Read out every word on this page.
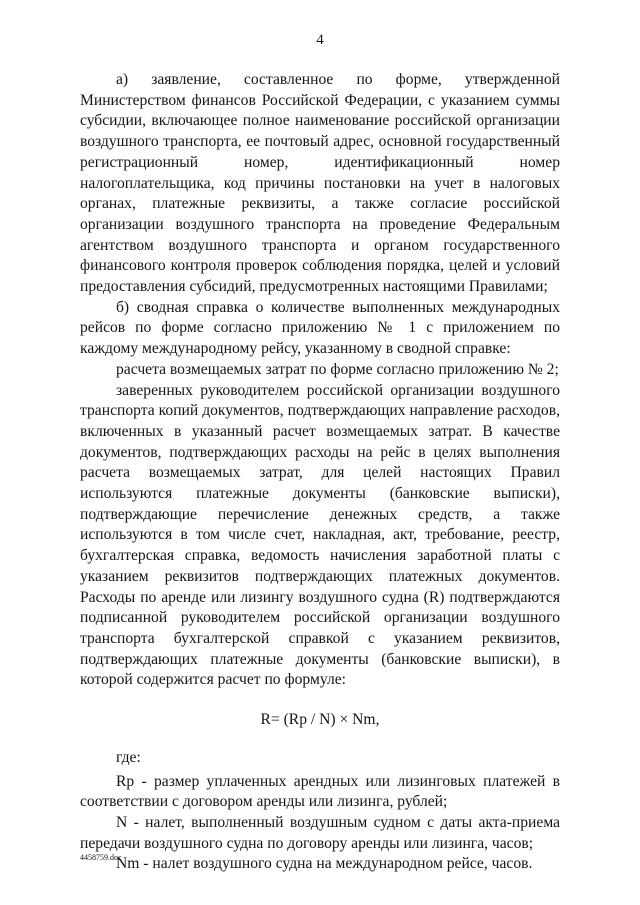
4

а) заявление, составленное по форме, утвержденной Министерством финансов Российской Федерации, с указанием суммы субсидии, включающее полное наименование российской организации воздушного транспорта, ее почтовый адрес, основной государственный регистрационный номер, идентификационный номер налогоплательщика, код причины постановки на учет в налоговых органах, платежные реквизиты, а также согласие российской организации воздушного транспорта на проведение Федеральным агентством воздушного транспорта и органом государственного финансового контроля проверок соблюдения порядка, целей и условий предоставления субсидий, предусмотренных настоящими Правилами;

б) сводная справка о количестве выполненных международных рейсов по форме согласно приложению № 1 с приложением по каждому международному рейсу, указанному в сводной справке:

расчета возмещаемых затрат по форме согласно приложению № 2;

заверенных руководителем российской организации воздушного транспорта копий документов, подтверждающих направление расходов, включенных в указанный расчет возмещаемых затрат. В качестве документов, подтверждающих расходы на рейс в целях выполнения расчета возмещаемых затрат, для целей настоящих Правил используются платежные документы (банковские выписки), подтверждающие перечисление денежных средств, а также используются в том числе счет, накладная, акт, требование, реестр, бухгалтерская справка, ведомость начисления заработной платы с указанием реквизитов подтверждающих платежных документов. Расходы по аренде или лизингу воздушного судна (R) подтверждаются подписанной руководителем российской организации воздушного транспорта бухгалтерской справкой с указанием реквизитов, подтверждающих платежные документы (банковские выписки), в которой содержится расчет по формуле:

R= (Rp / N) × Nm,

где:

Rp - размер уплаченных арендных или лизинговых платежей в соответствии с договором аренды или лизинга, рублей;

N - налет, выполненный воздушным судном с даты акта-приема передачи воздушного судна по договору аренды или лизинга, часов;

Nm - налет воздушного судна на международном рейсе, часов.

4458759.doc
